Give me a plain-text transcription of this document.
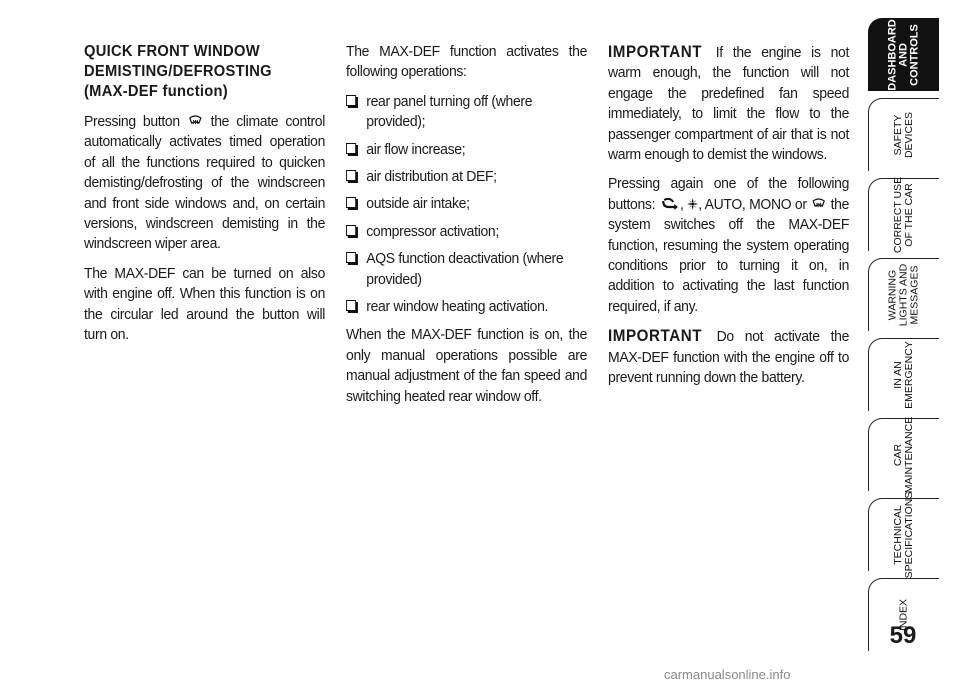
QUICK FRONT WINDOW
DEMISTING/DEFROSTING
(MAX-DEF function)

Pressing button the climate control automatically activates timed operation of all the functions required to quicken demisting/defrosting of the windscreen and front side windows and, on certain versions, windscreen demisting in the windscreen wiper area.

The MAX-DEF can be turned on also with engine off. When this function is on the circular led around the button will turn on.

The MAX-DEF function activates the following operations:

rear panel turning off (where provided);
air flow increase;
air distribution at DEF;
outside air intake;
compressor activation;
AQS function deactivation (where provided)
rear window heating activation.

When the MAX-DEF function is on, the only manual operations possible are manual adjustment of the fan speed and switching heated rear window off.

IMPORTANT If the engine is not warm enough, the function will not engage the predefined fan speed immediately, to limit the flow to the passenger compartment of air that is not warm enough to demist the windows.

Pressing again one of the following buttons: , , AUTO, MONO or the system switches off the MAX-DEF function, resuming the system operating conditions prior to turning it on, in addition to activating the last function required, if any.

IMPORTANT Do not activate the MAX-DEF function with the engine off to prevent running down the battery.

DASHBOARD AND CONTROLS
SAFETY DEVICES
CORRECT USE OF THE CAR
WARNING LIGHTS AND MESSAGES
IN AN EMERGENCY
CAR MAINTENANCE
TECHNICAL SPECIFICATIONS
INDEX
59
carmanualsonline.info
